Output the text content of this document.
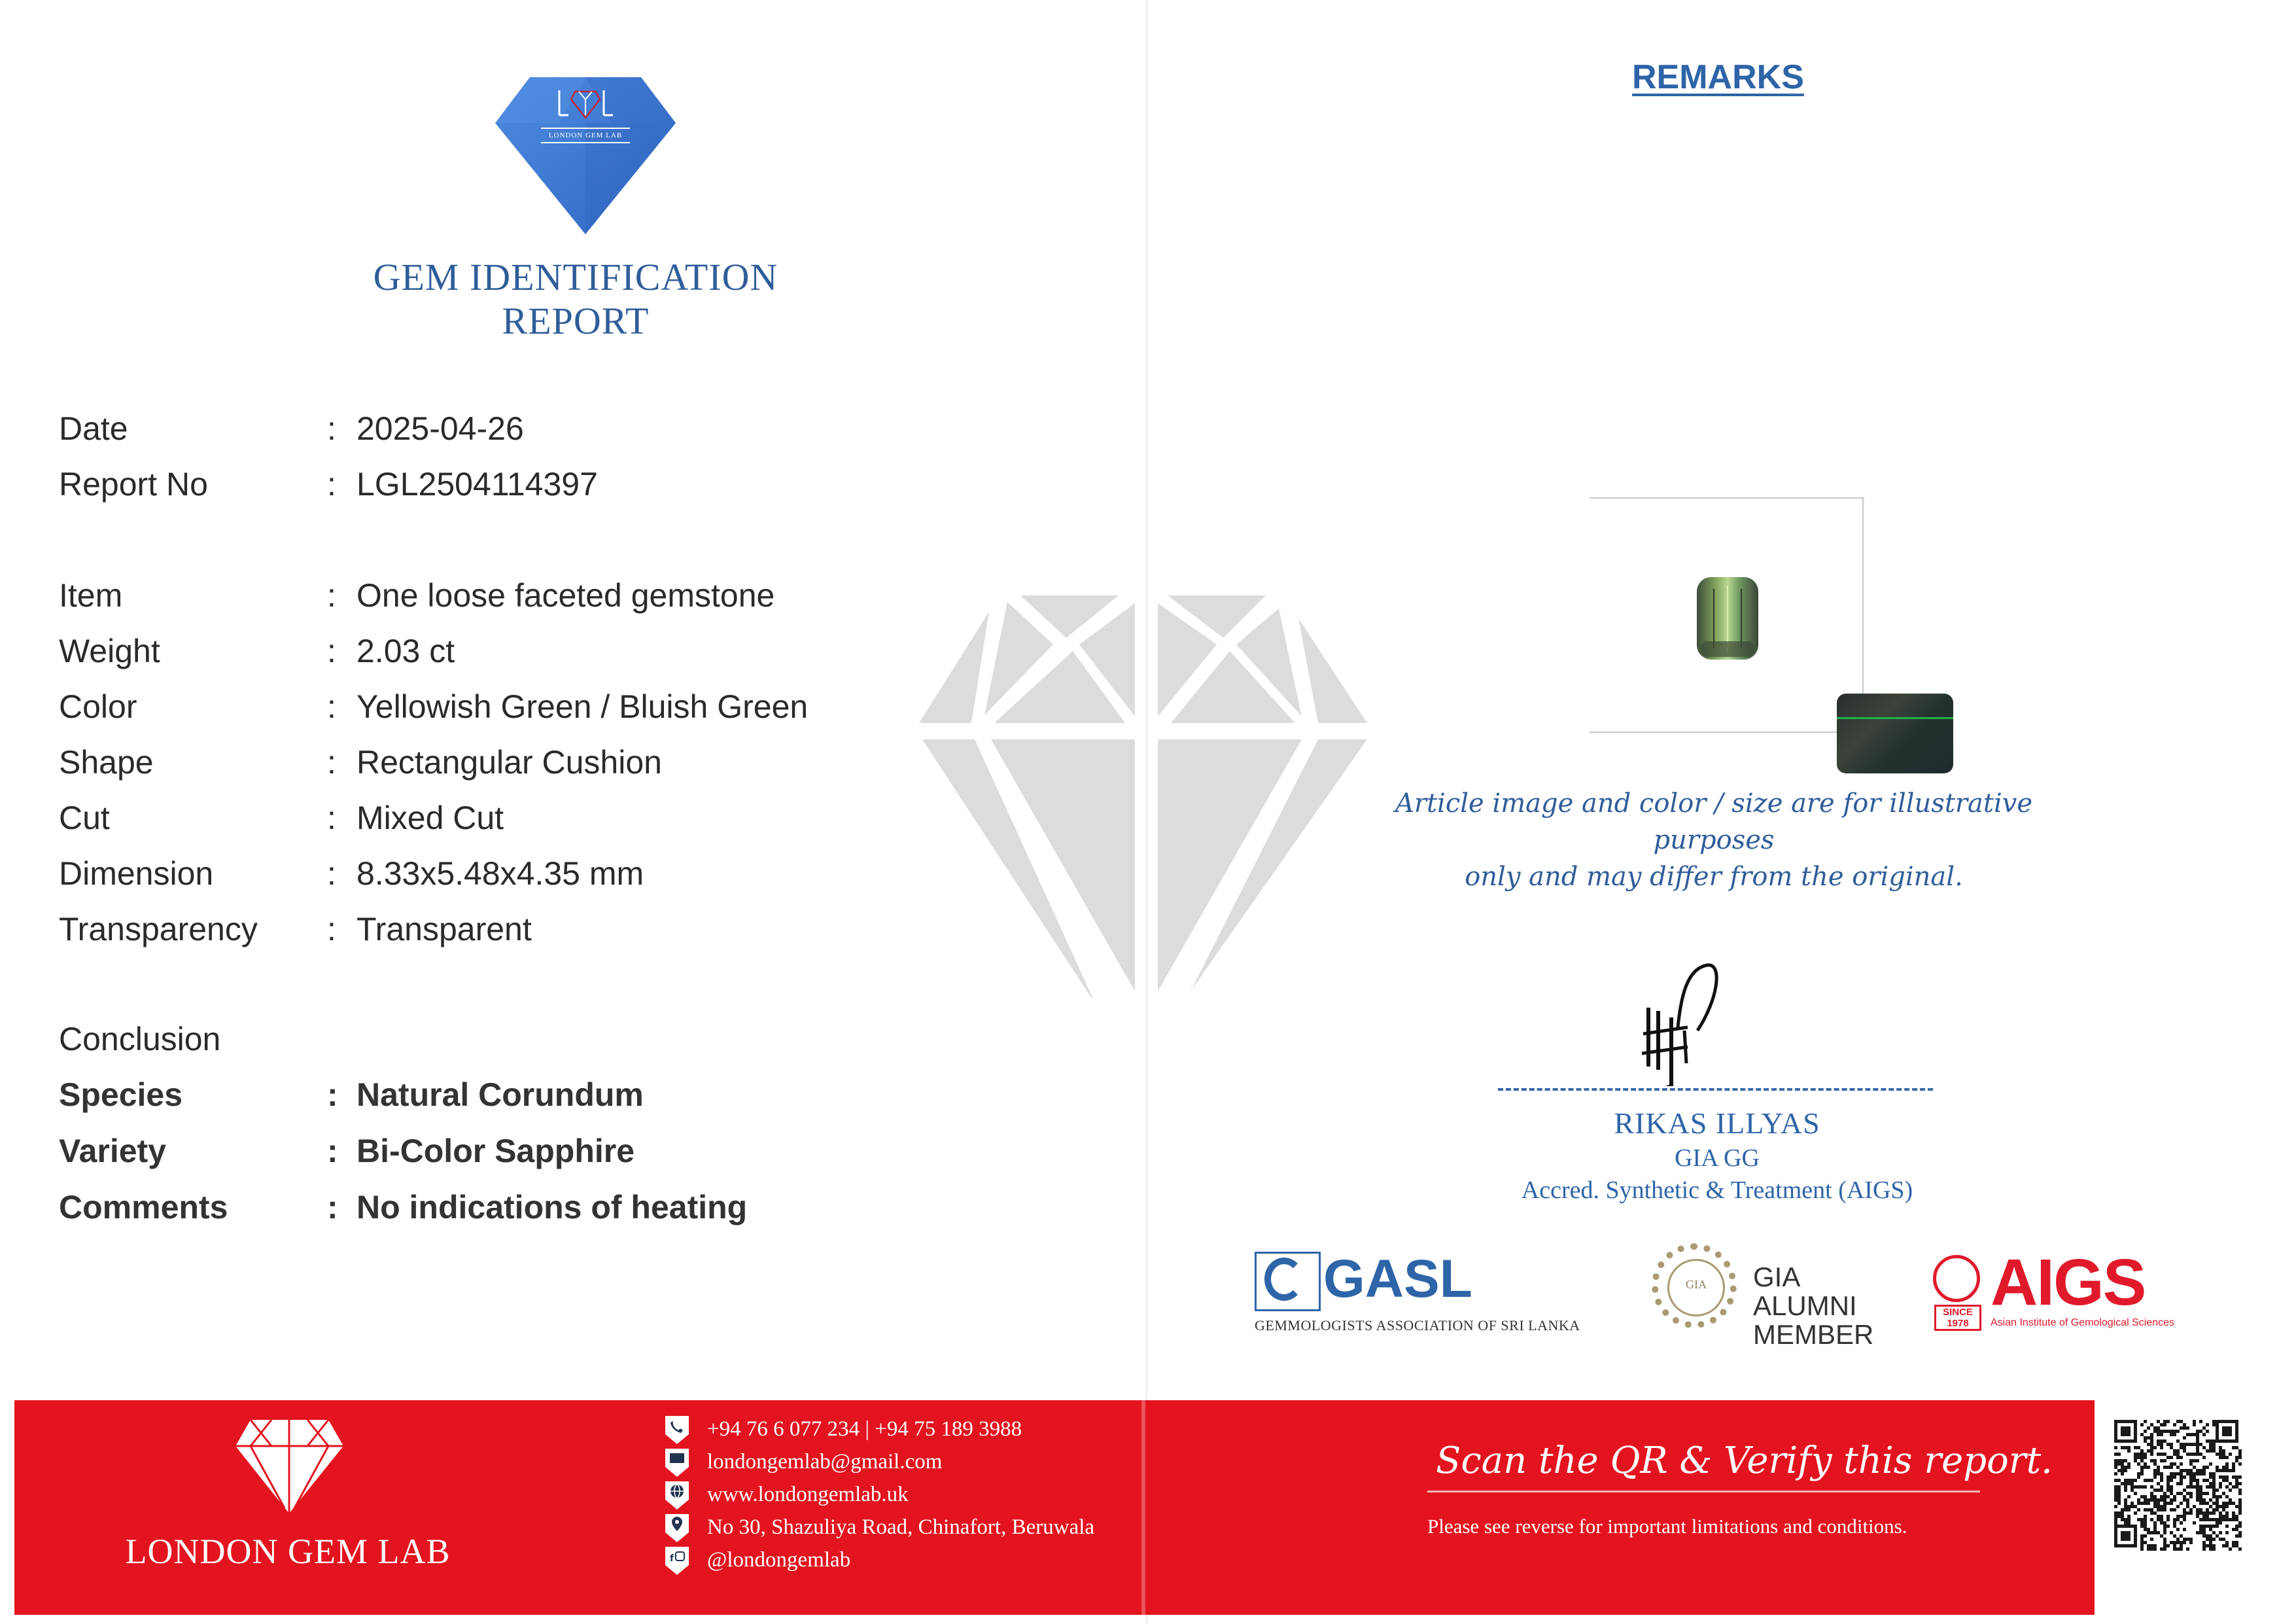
LONDON GEM LAB
GEM IDENTIFICATION REPORT
Date	: 2025-04-26
Report No	: LGL2504114397
Item	: One loose faceted gemstone
Weight	: 2.03 ct
Color	: Yellowish Green / Bluish Green
Shape	: Rectangular Cushion
Cut	: Mixed Cut
Dimension	: 8.33x5.48x4.35 mm
Transparency	: Transparent
Conclusion
Species	: Natural Corundum
Variety	: Bi-Color Sapphire
Comments	: No indications of heating
REMARKS
Article image and color / size are for illustrative purposes
only and may differ from the original.
RIKAS ILLYAS
GIA GG
Accred. Synthetic & Treatment (AIGS)
GASL
GEMMOLOGISTS ASSOCIATION OF SRI LANKA
GIA	GIA ALUMNI
MEMBER
SINCE 1978
AIGS
Asian Institute of Gemological Sciences
LONDON GEM LAB
+94 76 6 077 234 | +94 75 189 3988
londongemlab@gmail.com
www.londongemlab.uk
No 30, Shazuliya Road, Chinafort, Beruwala
f @londongemlab
Scan the QR & Verify this report.
Please see reverse for important limitations and conditions.
